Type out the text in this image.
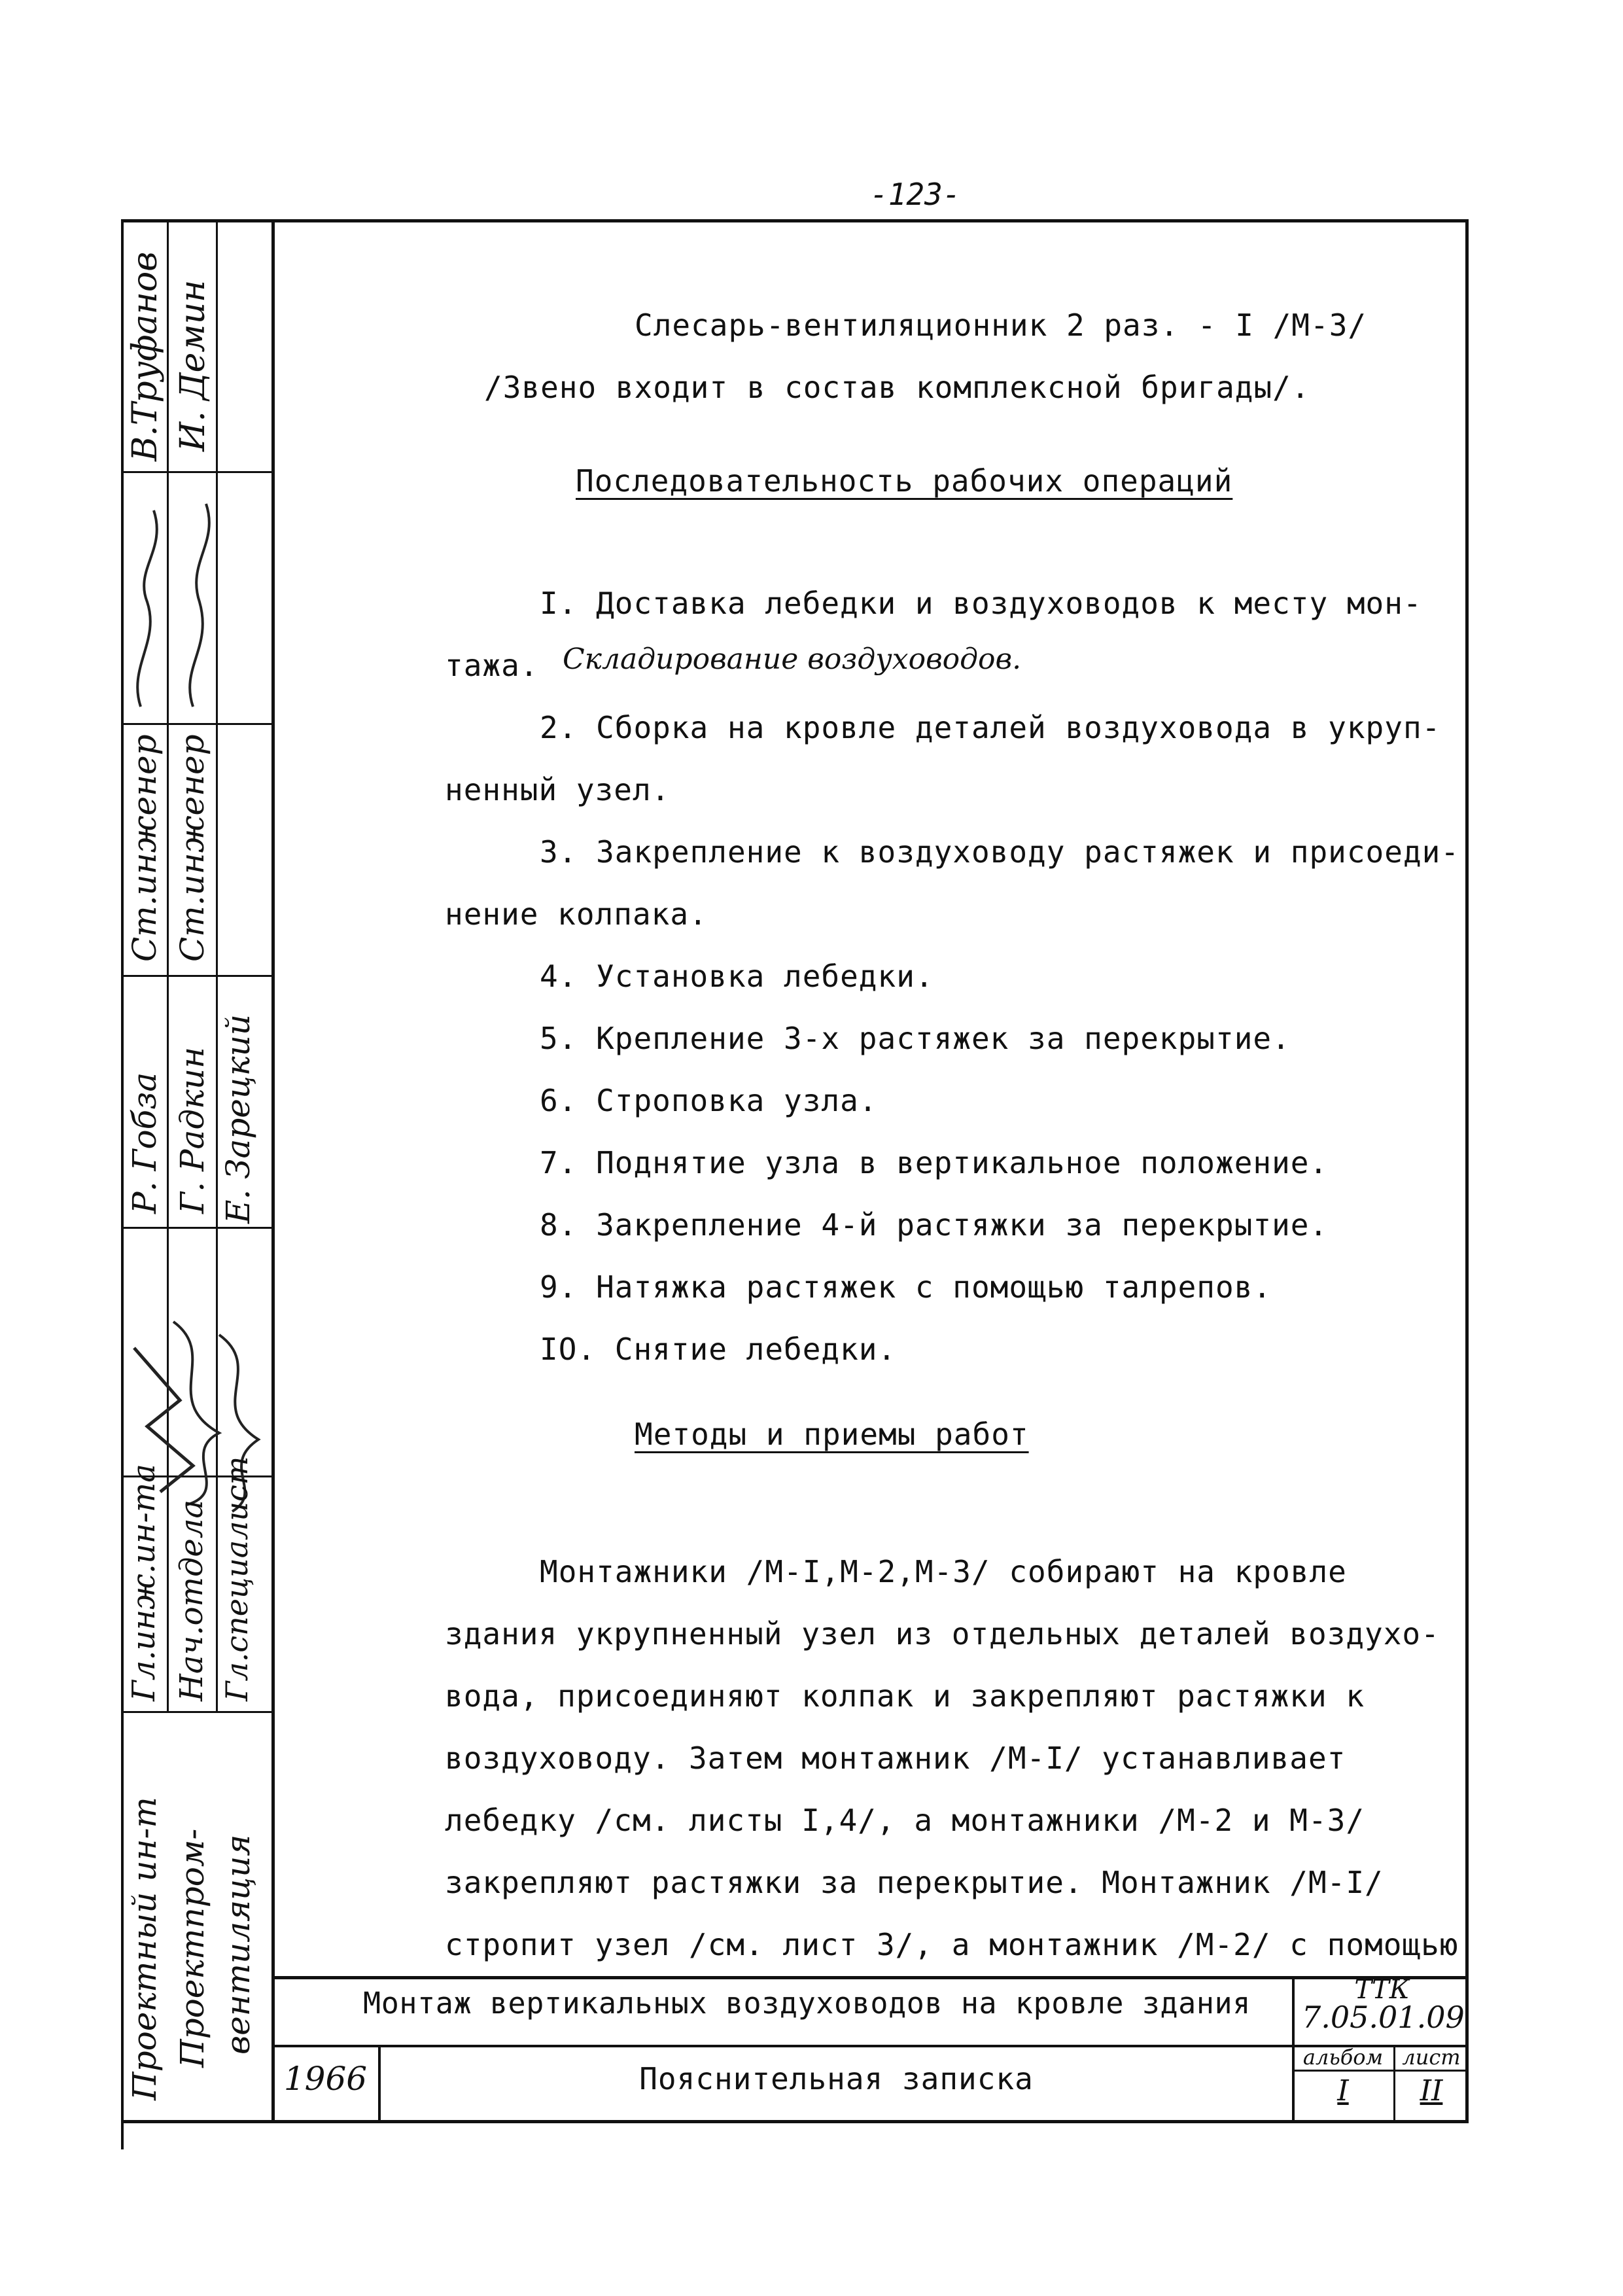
-123-
В.Труфанов И. Демин
Ст.инженер Ст.инженер
Р. Гобза Г. Радкин Е. Зарецкий
Гл.инж.ин-та Нач.отдела Гл.специалист
Проектный ин-т Проектпром- вентиляция
Слесарь-вентиляционник 2 раз. - I /М-3/
/Звено входит в состав комплексной бригады/.
Последовательность рабочих операций
I. Доставка лебедки и воздуховодов к месту мон-
тажа. Складирование воздуховодов.
2. Сборка на кровле деталей воздуховода в укруп-
ненный узел.
3. Закрепление к воздуховоду растяжек и присоеди-
нение колпака.
4. Установка лебедки.
5. Крепление 3-х растяжек за перекрытие.
6. Строповка узла.
7. Поднятие узла в вертикальное положение.
8. Закрепление 4-й растяжки за перекрытие.
9. Натяжка растяжек с помощью талрепов.
IO. Снятие лебедки.
Методы и приемы работ
Монтажники /М-I,М-2,М-3/ собирают на кровле
здания укрупненный узел из отдельных деталей воздухо-
вода, присоединяют колпак и закрепляют растяжки к
воздуховоду. Затем монтажник /М-I/ устанавливает
лебедку /см. листы I,4/, а монтажники /М-2 и М-3/
закрепляют растяжки за перекрытие. Монтажник /М-I/
стропит узел /см. лист 3/, а монтажник /М-2/ с помощью
Монтаж вертикальных воздуховодов на кровле здания	ТТК
7.05.01.09
1966	Пояснительная записка
альбом
I
лист
II
